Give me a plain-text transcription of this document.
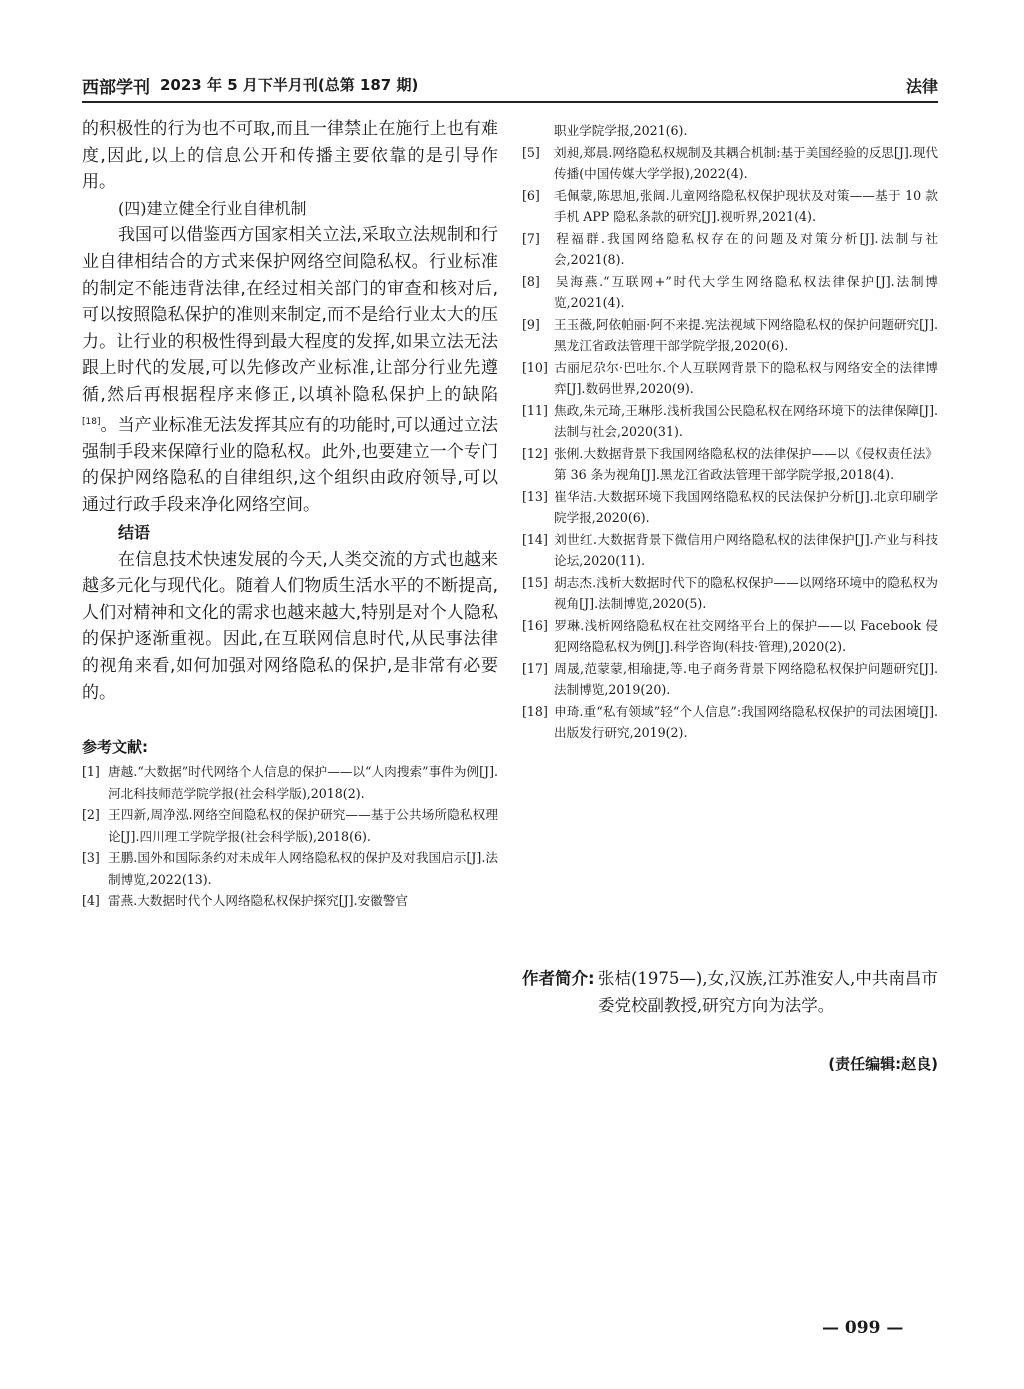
西部学刊 2023 年 5 月下半月刊(总第 187 期)	法律

的积极性的行为也不可取,而且一律禁止在施行上也有难度,因此,以上的信息公开和传播主要依靠的是引导作用。

(四)建立健全行业自律机制

我国可以借鉴西方国家相关立法,采取立法规制和行业自律相结合的方式来保护网络空间隐私权。行业标准的制定不能违背法律,在经过相关部门的审查和核对后,可以按照隐私保护的准则来制定,而不是给行业太大的压力。让行业的积极性得到最大程度的发挥,如果立法无法跟上时代的发展,可以先修改产业标准,让部分行业先遵循,然后再根据程序来修正,以填补隐私保护上的缺陷[18]。当产业标准无法发挥其应有的功能时,可以通过立法强制手段来保障行业的隐私权。此外,也要建立一个专门的保护网络隐私的自律组织,这个组织由政府领导,可以通过行政手段来净化网络空间。

结语

在信息技术快速发展的今天,人类交流的方式也越来越多元化与现代化。随着人们物质生活水平的不断提高,人们对精神和文化的需求也越来越大,特别是对个人隐私的保护逐渐重视。因此,在互联网信息时代,从民事法律的视角来看,如何加强对网络隐私的保护,是非常有必要的。

参考文献:

[1] 唐越.“大数据”时代网络个人信息的保护——以“人肉搜索”事件为例[J].河北科技师范学院学报(社会科学版),2018(2).

[2] 王四新,周净泓.网络空间隐私权的保护研究——基于公共场所隐私权理论[J].四川理工学院学报(社会科学版),2018(6).

[3] 王鹏.国外和国际条约对未成年人网络隐私权的保护及对我国启示[J].法制博览,2022(13).

[4] 雷燕.大数据时代个人网络隐私权保护探究[J].安徽警官

职业学院学报,2021(6).

[5] 刘昶,郑晨.网络隐私权规制及其耦合机制:基于美国经验的反思[J].现代传播(中国传媒大学学报),2022(4).

[6] 毛佩蒙,陈思旭,张阔.儿童网络隐私权保护现状及对策——基于 10 款手机 APP 隐私条款的研究[J].视听界,2021(4).

[7] 程福群.我国网络隐私权存在的问题及对策分析[J].法制与社会,2021(8).

[8] 吴海燕.“互联网+”时代大学生网络隐私权法律保护[J].法制博览,2021(4).

[9] 王玉薇,阿依帕丽·阿不来提.宪法视域下网络隐私权的保护问题研究[J].黑龙江省政法管理干部学院学报,2020(6).

[10] 古丽尼尕尔·巴吐尔.个人互联网背景下的隐私权与网络安全的法律博弈[J].数码世界,2020(9).

[11] 焦政,朱元琦,王琳彤.浅析我国公民隐私权在网络环境下的法律保障[J].法制与社会,2020(31).

[12] 张俐.大数据背景下我国网络隐私权的法律保护——以《侵权责任法》第 36 条为视角[J].黑龙江省政法管理干部学院学报,2018(4).

[13] 崔华洁.大数据环境下我国网络隐私权的民法保护分析[J].北京印刷学院学报,2020(6).

[14] 刘世红.大数据背景下微信用户网络隐私权的法律保护[J].产业与科技论坛,2020(11).

[15] 胡志杰.浅析大数据时代下的隐私权保护——以网络环境中的隐私权为视角[J].法制博览,2020(5).

[16] 罗琳.浅析网络隐私权在社交网络平台上的保护——以 Facebook 侵犯网络隐私权为例[J].科学咨询(科技·管理),2020(2).

[17] 周晟,范蒙蒙,相瑜捷,等.电子商务背景下网络隐私权保护问题研究[J].法制博览,2019(20).

[18] 申琦.重“私有领域”轻“个人信息”:我国网络隐私权保护的司法困境[J].出版发行研究,2019(2).

作者简介: 张桔(1975—),女,汉族,江苏淮安人,中共南昌市委党校副教授,研究方向为法学。
(责任编辑:赵良)
— 099 —
